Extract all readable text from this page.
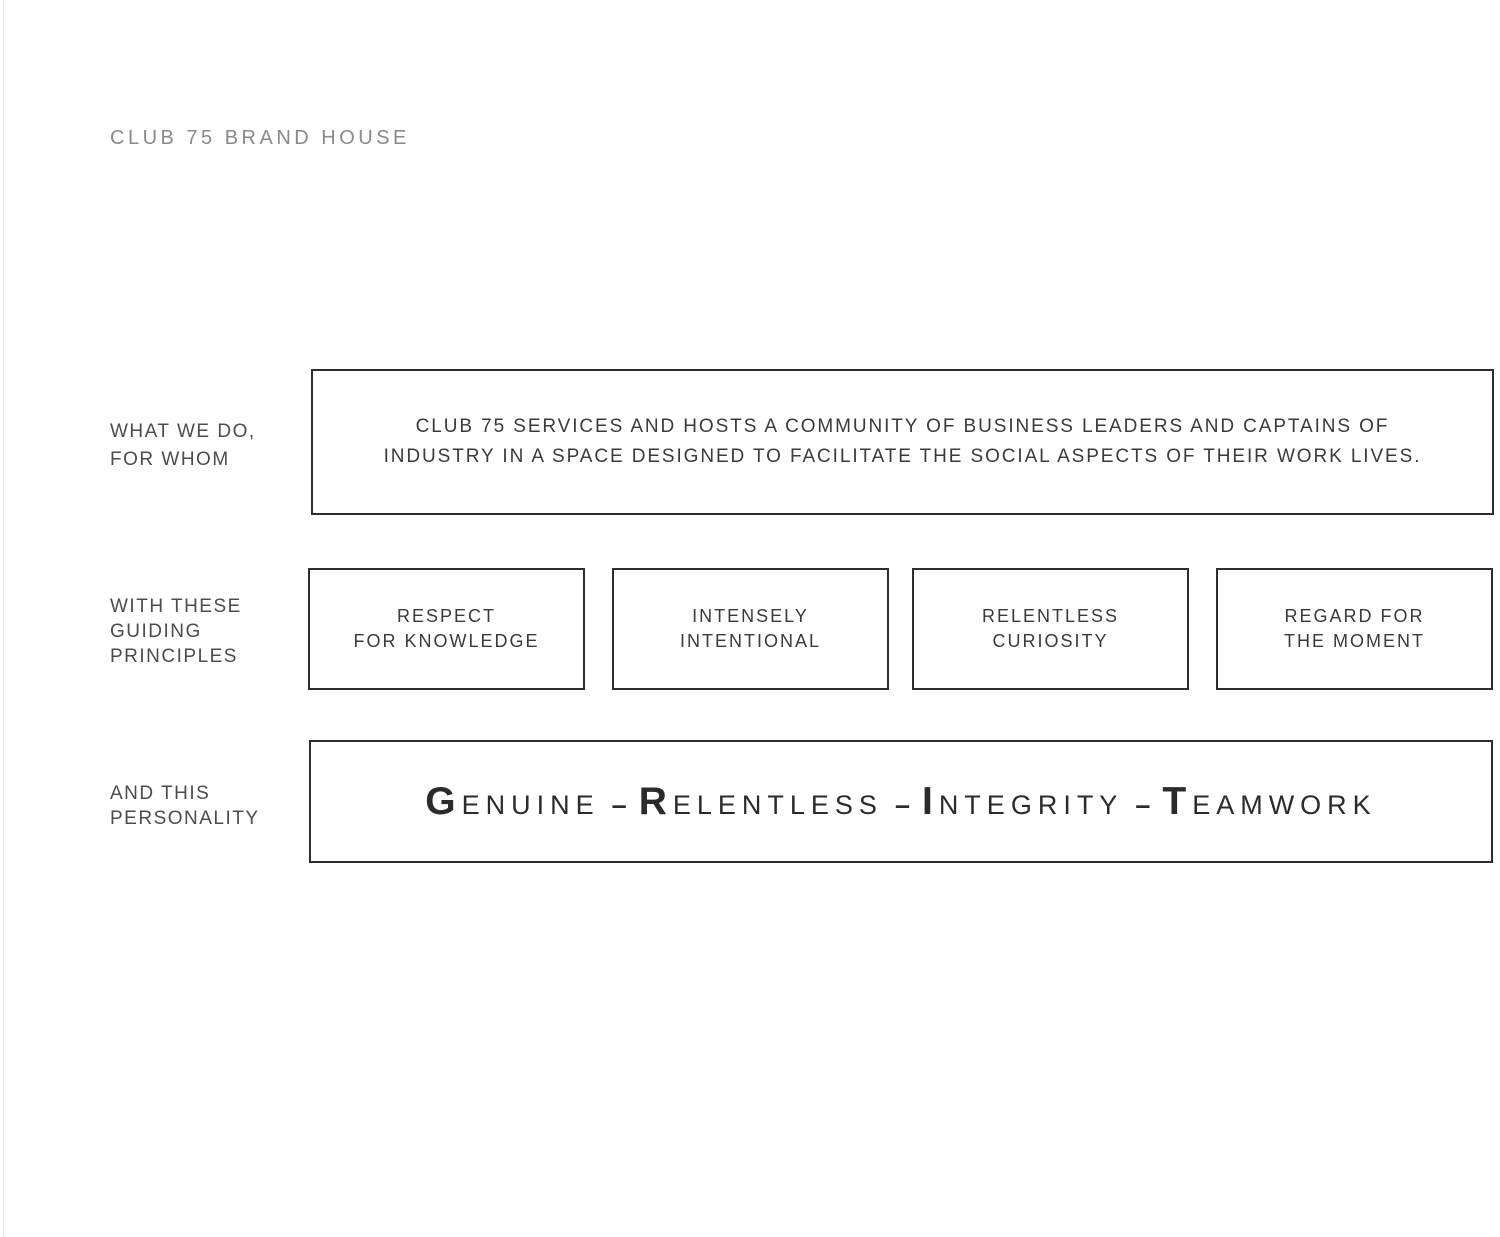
CLUB 75 BRAND HOUSE
WHAT WE DO,
FOR WHOM
CLUB 75 SERVICES AND HOSTS A COMMUNITY OF BUSINESS LEADERS AND CAPTAINS OF
INDUSTRY IN A SPACE DESIGNED TO FACILITATE THE SOCIAL ASPECTS OF THEIR WORK LIVES.
WITH THESE
GUIDING
PRINCIPLES
RESPECT
FOR KNOWLEDGE
INTENSELY
INTENTIONAL
RELENTLESS
CURIOSITY
REGARD FOR
THE MOMENT
AND THIS
PERSONALITY	GENUINE – RELENTLESS – INTEGRITY – TEAMWORK
